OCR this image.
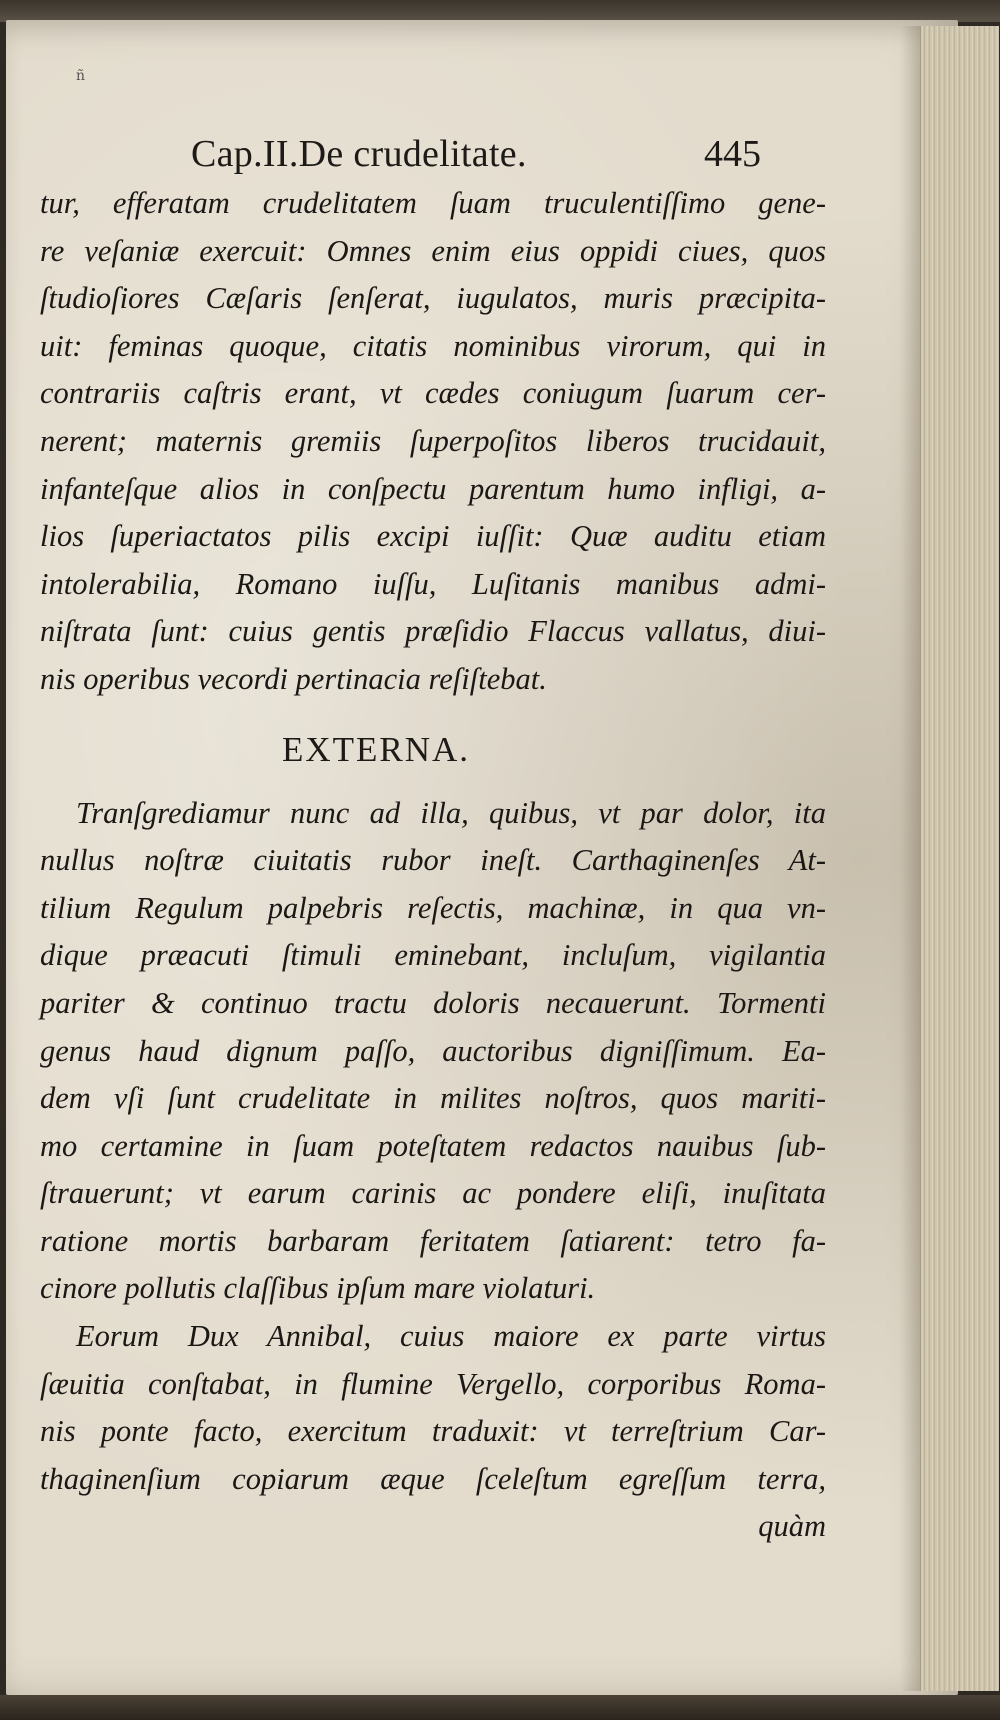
ñ
Cap.II.De crudelitate.	445
tur, efferatam crudelitatem ſuam truculentiſſimo gene-
re veſaniæ exercuit: Omnes enim eius oppidi ciues, quos
ſtudioſiores Cæſaris ſenſerat, iugulatos, muris præcipita-
uit: feminas quoque, citatis nominibus virorum, qui in
contrariis caſtris erant, vt cædes coniugum ſuarum cer-
nerent; maternis gremiis ſuperpoſitos liberos trucidauit,
infanteſque alios in conſpectu parentum humo infligi, a-
lios ſuperiactatos pilis excipi iuſſit: Quæ auditu etiam
intolerabilia, Romano iuſſu, Luſitanis manibus admi-
niſtrata ſunt: cuius gentis præſidio Flaccus vallatus, diui-
nis operibus vecordi pertinacia reſiſtebat.
EXTERNA.
Tranſgrediamur nunc ad illa, quibus, vt par dolor, ita
nullus noſtræ ciuitatis rubor ineſt. Carthaginenſes At-
tilium Regulum palpebris reſectis, machinæ, in qua vn-
dique præacuti ſtimuli eminebant, incluſum, vigilantia
pariter & continuo tractu doloris necauerunt. Tormenti
genus haud dignum paſſo, auctoribus digniſſimum. Ea-
dem vſi ſunt crudelitate in milites noſtros, quos mariti-
mo certamine in ſuam poteſtatem redactos nauibus ſub-
ſtrauerunt; vt earum carinis ac pondere eliſi, inuſitata
ratione mortis barbaram feritatem ſatiarent: tetro fa-
cinore pollutis claſſibus ipſum mare violaturi.
Eorum Dux Annibal, cuius maiore ex parte virtus
ſæuitia conſtabat, in flumine Vergello, corporibus Roma-
nis ponte facto, exercitum traduxit: vt terreſtrium Car-
thaginenſium copiarum æque ſceleſtum egreſſum terra,
quàm
